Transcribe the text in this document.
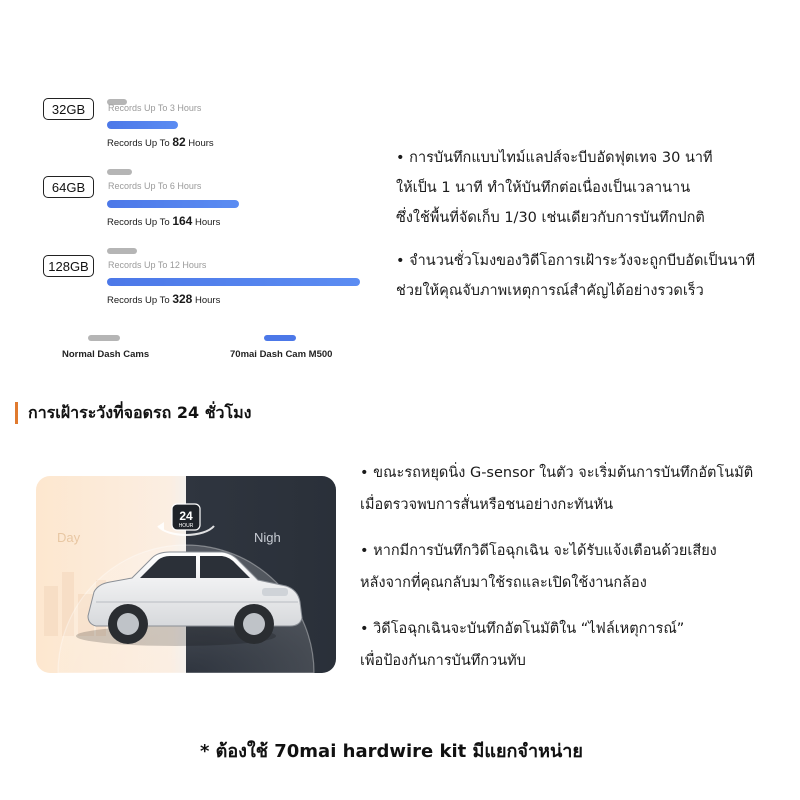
32GB	Records Up To 3 Hours
Records Up To 82 Hours
64GB	Records Up To 6 Hours
Records Up To 164 Hours
128GB	Records Up To 12 Hours
Records Up To 328 Hours
Normal Dash Cams	70mai Dash Cam M500

• การบันทึกแบบไทม์แลปส์จะบีบอัดฟุตเทจ 30 นาที
ให้เป็น 1 นาที ทำให้บันทึกต่อเนื่องเป็นเวลานาน
ซึ่งใช้พื้นที่จัดเก็บ 1/30 เช่นเดียวกับการบันทึกปกติ

• จำนวนชั่วโมงของวิดีโอการเฝ้าระวังจะถูกบีบอัดเป็นนาที
ช่วยให้คุณจับภาพเหตุการณ์สำคัญได้อย่างรวดเร็ว

การเฝ้าระวังที่จอดรถ 24 ชั่วโมง
24
HOUR
Day	Nigh

• ขณะรถหยุดนิ่ง G-sensor ในตัว จะเริ่มต้นการบันทึกอัตโนมัติ
เมื่อตรวจพบการสั่นหรือชนอย่างกะทันหัน

• หากมีการบันทึกวิดีโอฉุกเฉิน จะได้รับแจ้งเตือนด้วยเสียง
หลังจากที่คุณกลับมาใช้รถและเปิดใช้งานกล้อง

• วิดีโอฉุกเฉินจะบันทึกอัตโนมัติใน “ไฟล์เหตุการณ์”
เพื่อป้องกันการบันทึกวนทับ

* ต้องใช้ 70mai hardwire kit มีแยกจำหน่าย
